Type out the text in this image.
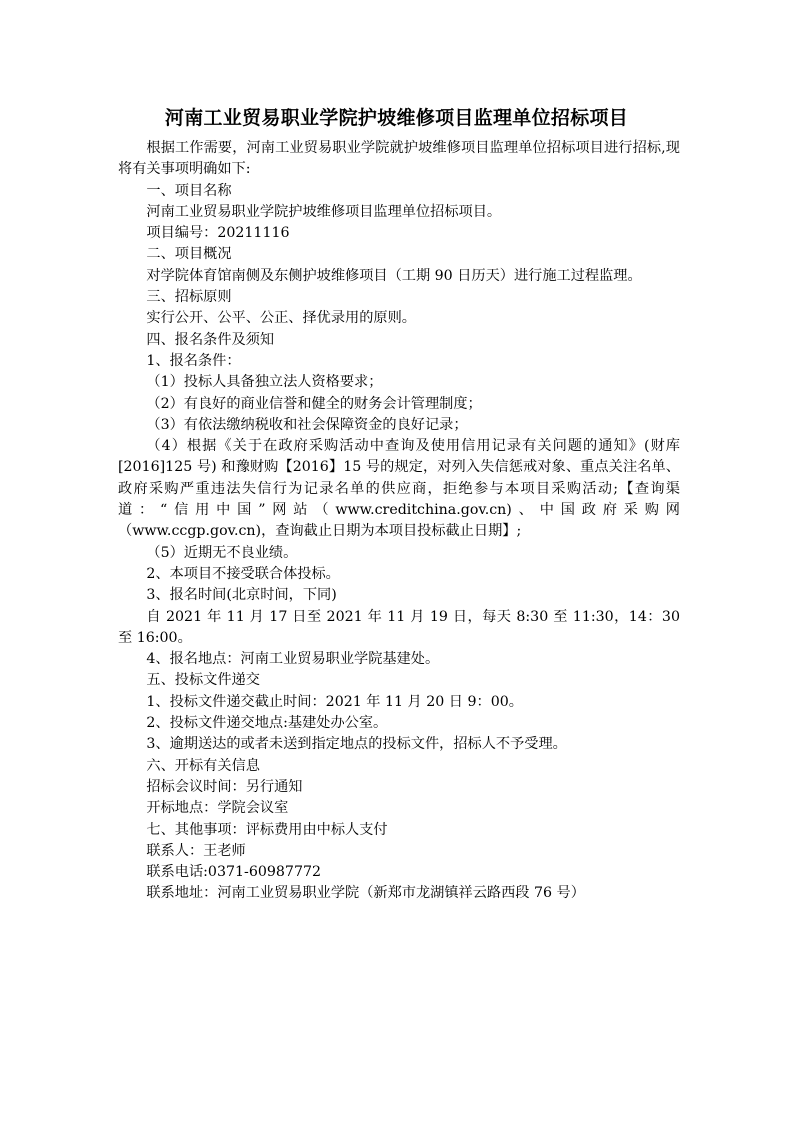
河南工业贸易职业学院护坡维修项目监理单位招标项目

根据工作需要，河南工业贸易职业学院就护坡维修项目监理单位招标项目进行招标,现将有关事项明确如下:

一、项目名称

河南工业贸易职业学院护坡维修项目监理单位招标项目。

项目编号：20211116

二、项目概况

对学院体育馆南侧及东侧护坡维修项目（工期 90 日历天）进行施工过程监理。

三、招标原则

实行公开、公平、公正、择优录用的原则。

四、报名条件及须知

1、报名条件：

（1）投标人具备独立法人资格要求；

（2）有良好的商业信誉和健全的财务会计管理制度；

（3）有依法缴纳税收和社会保障资金的良好记录；

（4）根据《关于在政府采购活动中查询及使用信用记录有关问题的通知》(财库[2016]125 号) 和豫财购【2016】15 号的规定，对列入失信惩戒对象、重点关注名单、政府采购严重违法失信行为记录名单的供应商，拒绝参与本项目采购活动;【查询渠道：“信用中国”网站（www.creditchina.gov.cn)、中国政府采购网（www.ccgp.gov.cn)，查询截止日期为本项目投标截止日期】;

（5）近期无不良业绩。

2、本项目不接受联合体投标。

3、报名时间(北京时间，下同)

自 2021 年 11 月 17 日至 2021 年 11 月 19 日，每天 8:30 至 11:30，14：30 至 16:00。

4、报名地点：河南工业贸易职业学院基建处。

五、投标文件递交

1、投标文件递交截止时间：2021 年 11 月 20 日 9：00。

2、投标文件递交地点:基建处办公室。

3、逾期送达的或者未送到指定地点的投标文件，招标人不予受理。

六、开标有关信息

招标会议时间：另行通知

开标地点：学院会议室

七、其他事项：评标费用由中标人支付

联系人：王老师

联系电话:0371-60987772

联系地址：河南工业贸易职业学院（新郑市龙湖镇祥云路西段 76 号）
